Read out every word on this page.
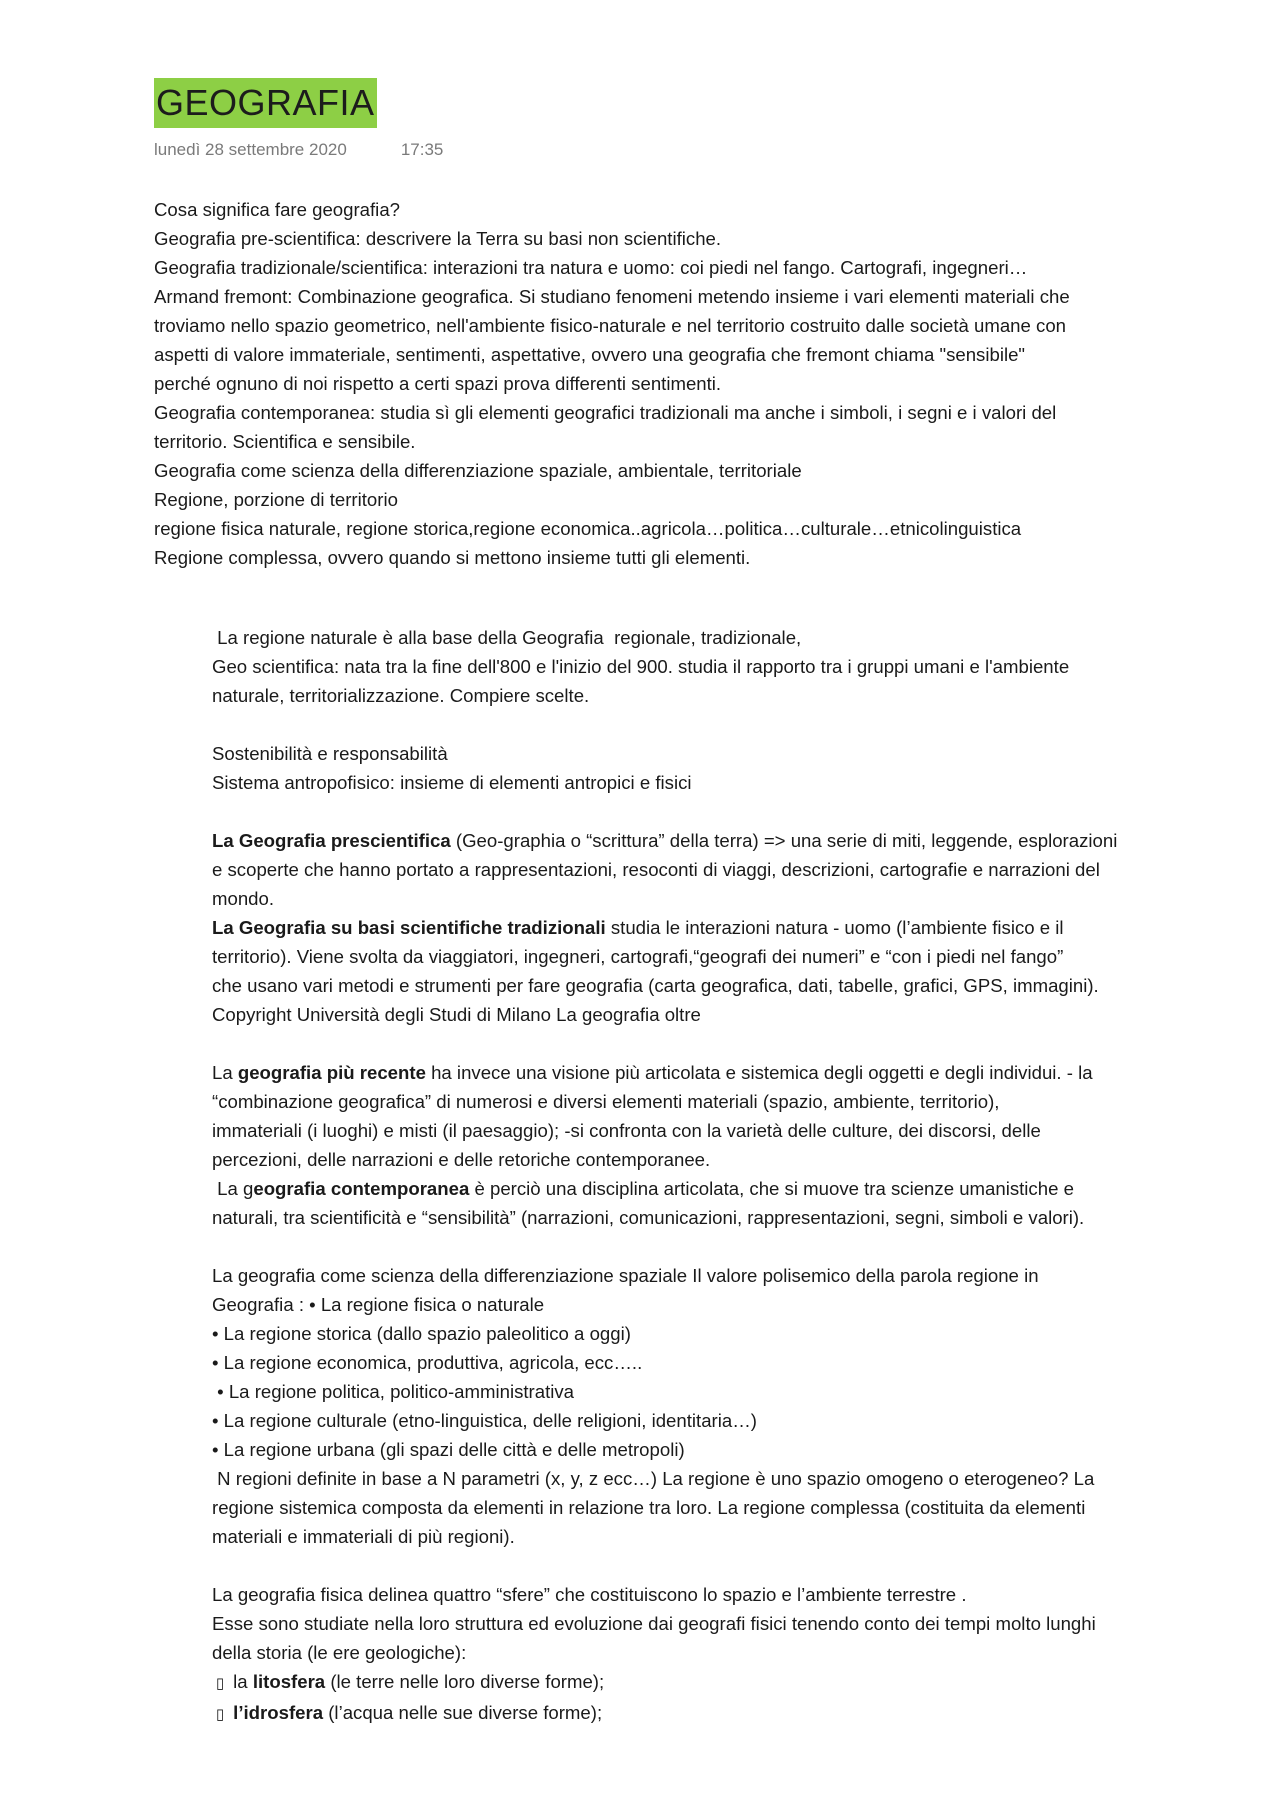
GEOGRAFIA
lunedì 28 settembre 2020	17:35
Cosa significa fare geografia?
Geografia pre-scientifica: descrivere la Terra su basi non scientifiche.
Geografia tradizionale/scientifica: interazioni tra natura e uomo: coi piedi nel fango. Cartografi, ingegneri…
Armand fremont: Combinazione geografica. Si studiano fenomeni metendo insieme i vari elementi materiali che
troviamo nello spazio geometrico, nell'ambiente fisico-naturale e nel territorio costruito dalle società umane con
aspetti di valore immateriale, sentimenti, aspettative, ovvero una geografia che fremont chiama "sensibile"
perché ognuno di noi rispetto a certi spazi prova differenti sentimenti.
Geografia contemporanea: studia sì gli elementi geografici tradizionali ma anche i simboli, i segni e i valori del
territorio. Scientifica e sensibile.
Geografia come scienza della differenziazione spaziale, ambientale, territoriale
Regione, porzione di territorio
regione fisica naturale, regione storica,regione economica..agricola…politica…culturale…etnicolinguistica
Regione complessa, ovvero quando si mettono insieme tutti gli elementi.
La regione naturale è alla base della Geografia  regionale, tradizionale,
Geo scientifica: nata tra la fine dell'800 e l'inizio del 900. studia il rapporto tra i gruppi umani e l'ambiente
naturale, territorializzazione. Compiere scelte.
Sostenibilità e responsabilità
Sistema antropofisico: insieme di elementi antropici e fisici
La Geografia prescientifica (Geo-graphia o “scrittura” della terra) => una serie di miti, leggende, esplorazioni
e scoperte che hanno portato a rappresentazioni, resoconti di viaggi, descrizioni, cartografie e narrazioni del
mondo.
La Geografia su basi scientifiche tradizionali studia le interazioni natura - uomo (l’ambiente fisico e il
territorio). Viene svolta da viaggiatori, ingegneri, cartografi,“geografi dei numeri” e “con i piedi nel fango”
che usano vari metodi e strumenti per fare geografia (carta geografica, dati, tabelle, grafici, GPS, immagini).
Copyright Università degli Studi di Milano La geografia oltre
La geografia più recente ha invece una visione più articolata e sistemica degli oggetti e degli individui. - la
“combinazione geografica” di numerosi e diversi elementi materiali (spazio, ambiente, territorio),
immateriali (i luoghi) e misti (il paesaggio); -si confronta con la varietà delle culture, dei discorsi, delle
percezioni, delle narrazioni e delle retoriche contemporanee.
La geografia contemporanea è perciò una disciplina articolata, che si muove tra scienze umanistiche e
naturali, tra scientificità e “sensibilità” (narrazioni, comunicazioni, rappresentazioni, segni, simboli e valori).
La geografia come scienza della differenziazione spaziale Il valore polisemico della parola regione in
Geografia : • La regione fisica o naturale
• La regione storica (dallo spazio paleolitico a oggi)
• La regione economica, produttiva, agricola, ecc…..
• La regione politica, politico-amministrativa
• La regione culturale (etno-linguistica, delle religioni, identitaria…)
• La regione urbana (gli spazi delle città e delle metropoli)
N regioni definite in base a N parametri (x, y, z ecc…) La regione è uno spazio omogeno o eterogeneo? La
regione sistemica composta da elementi in relazione tra loro. La regione complessa (costituita da elementi
materiali e immateriali di più regioni).
La geografia fisica delinea quattro “sfere” che costituiscono lo spazio e l’ambiente terrestre .
Esse sono studiate nella loro struttura ed evoluzione dai geografi fisici tenendo conto dei tempi molto lunghi
della storia (le ere geologiche):
▯ la litosfera (le terre nelle loro diverse forme);
▯ l’idrosfera (l’acqua nelle sue diverse forme);
